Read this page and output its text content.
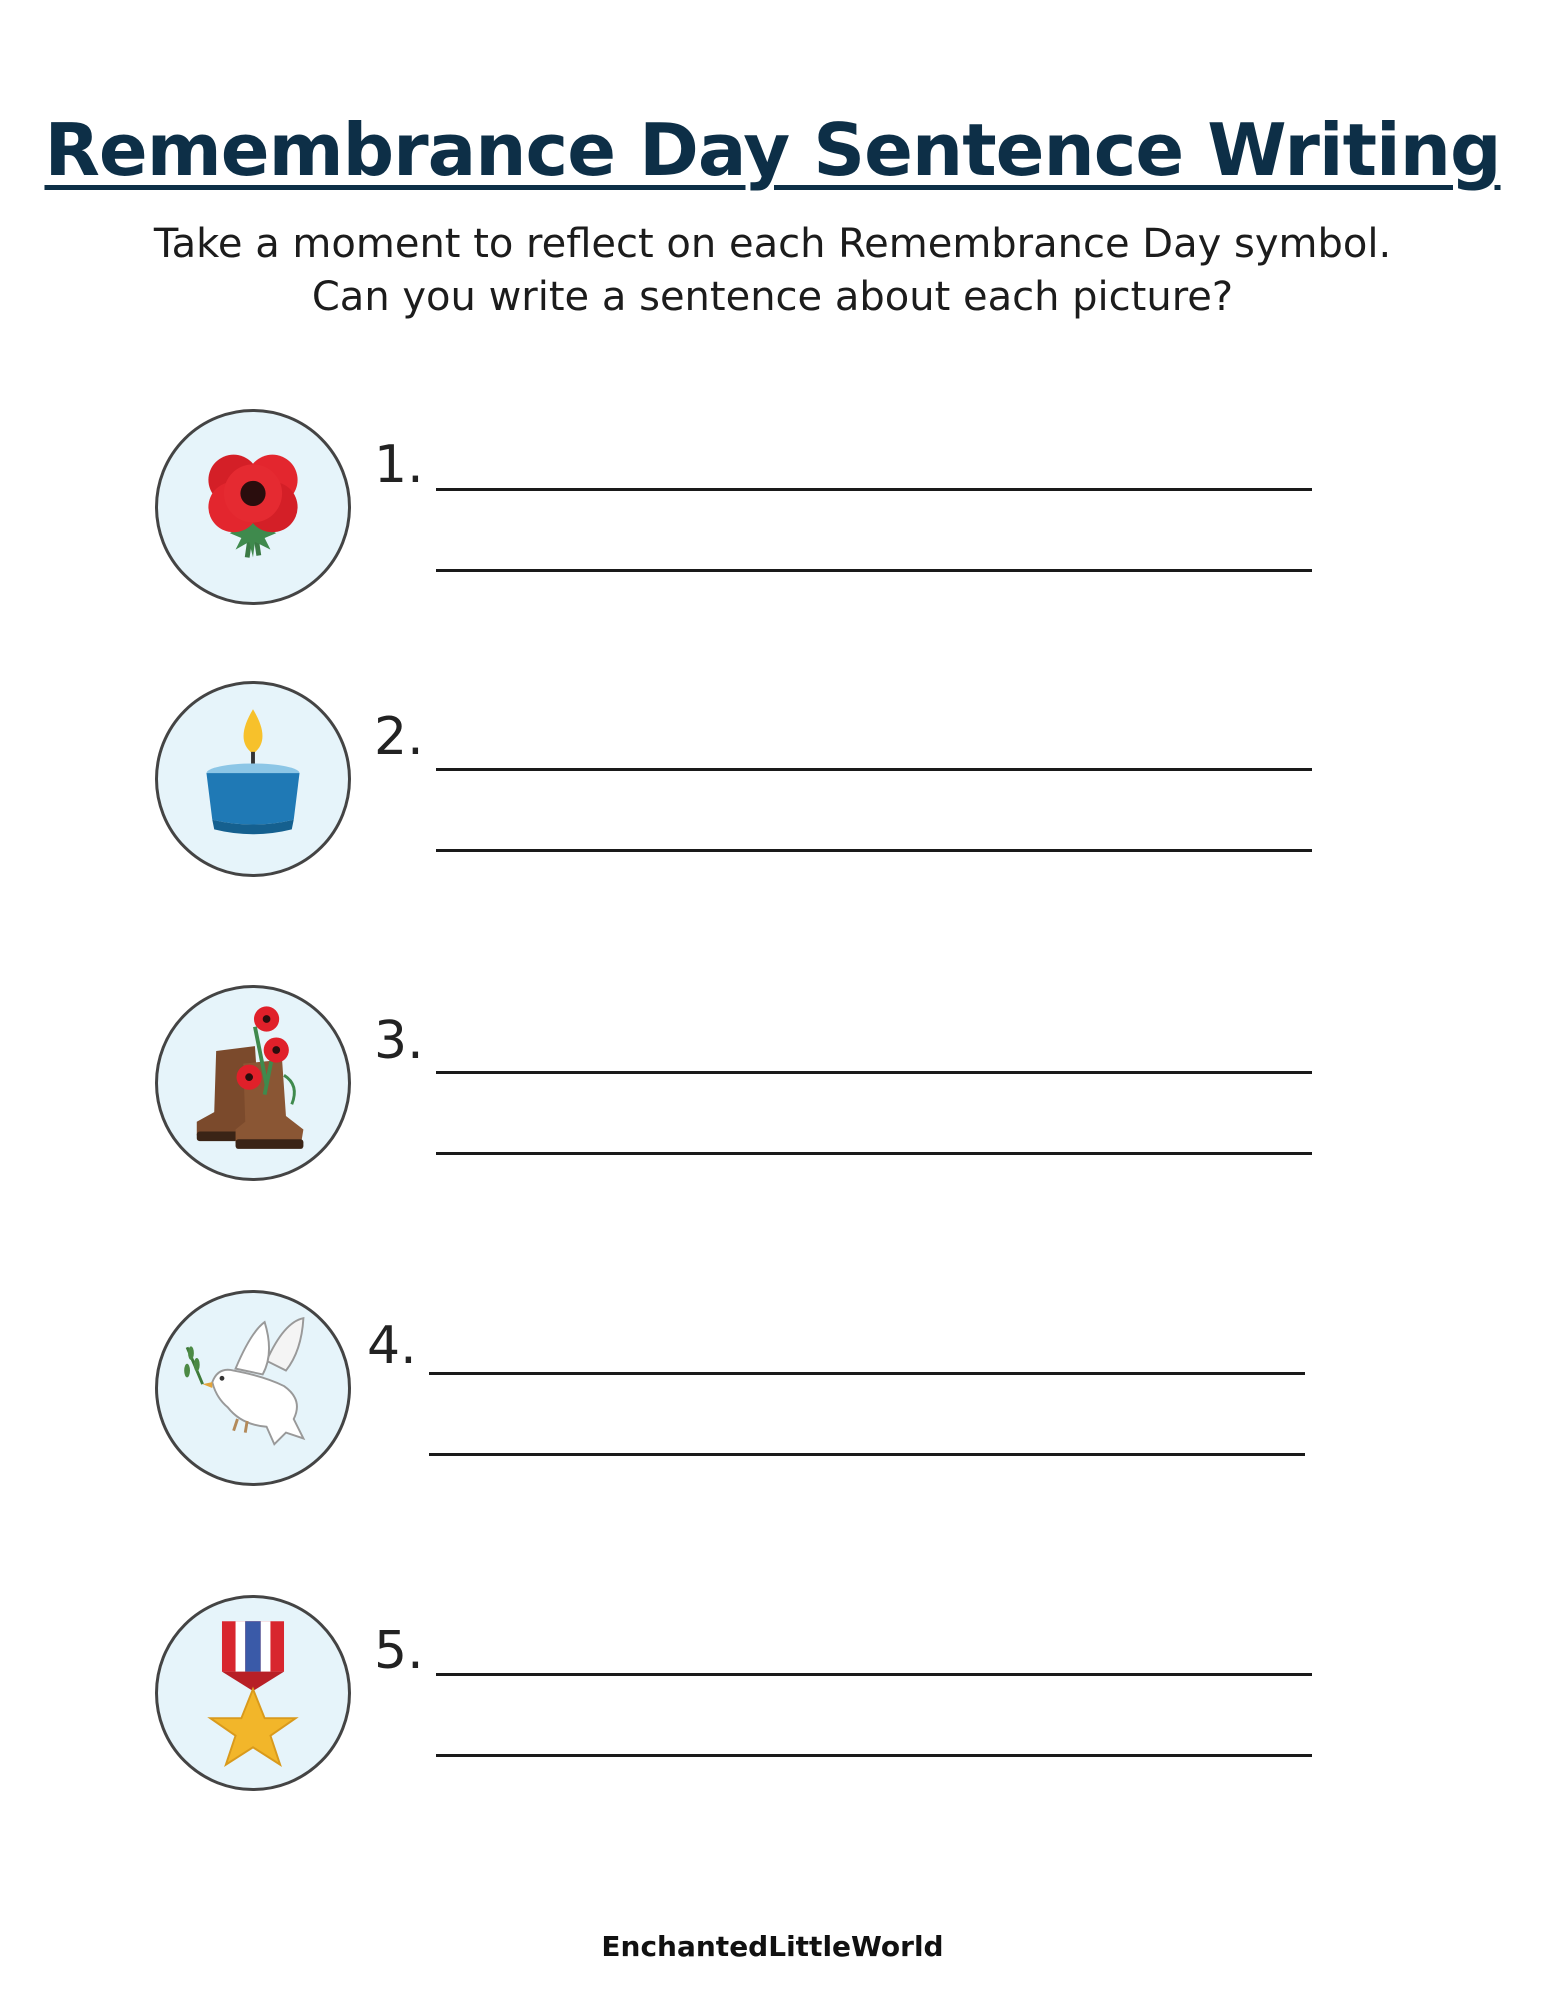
Remembrance Day Sentence Writing
Take a moment to reflect on each Remembrance Day symbol.
Can you write a sentence about each picture?
1.
2.
3.
4.
5.
EnchantedLittleWorld
